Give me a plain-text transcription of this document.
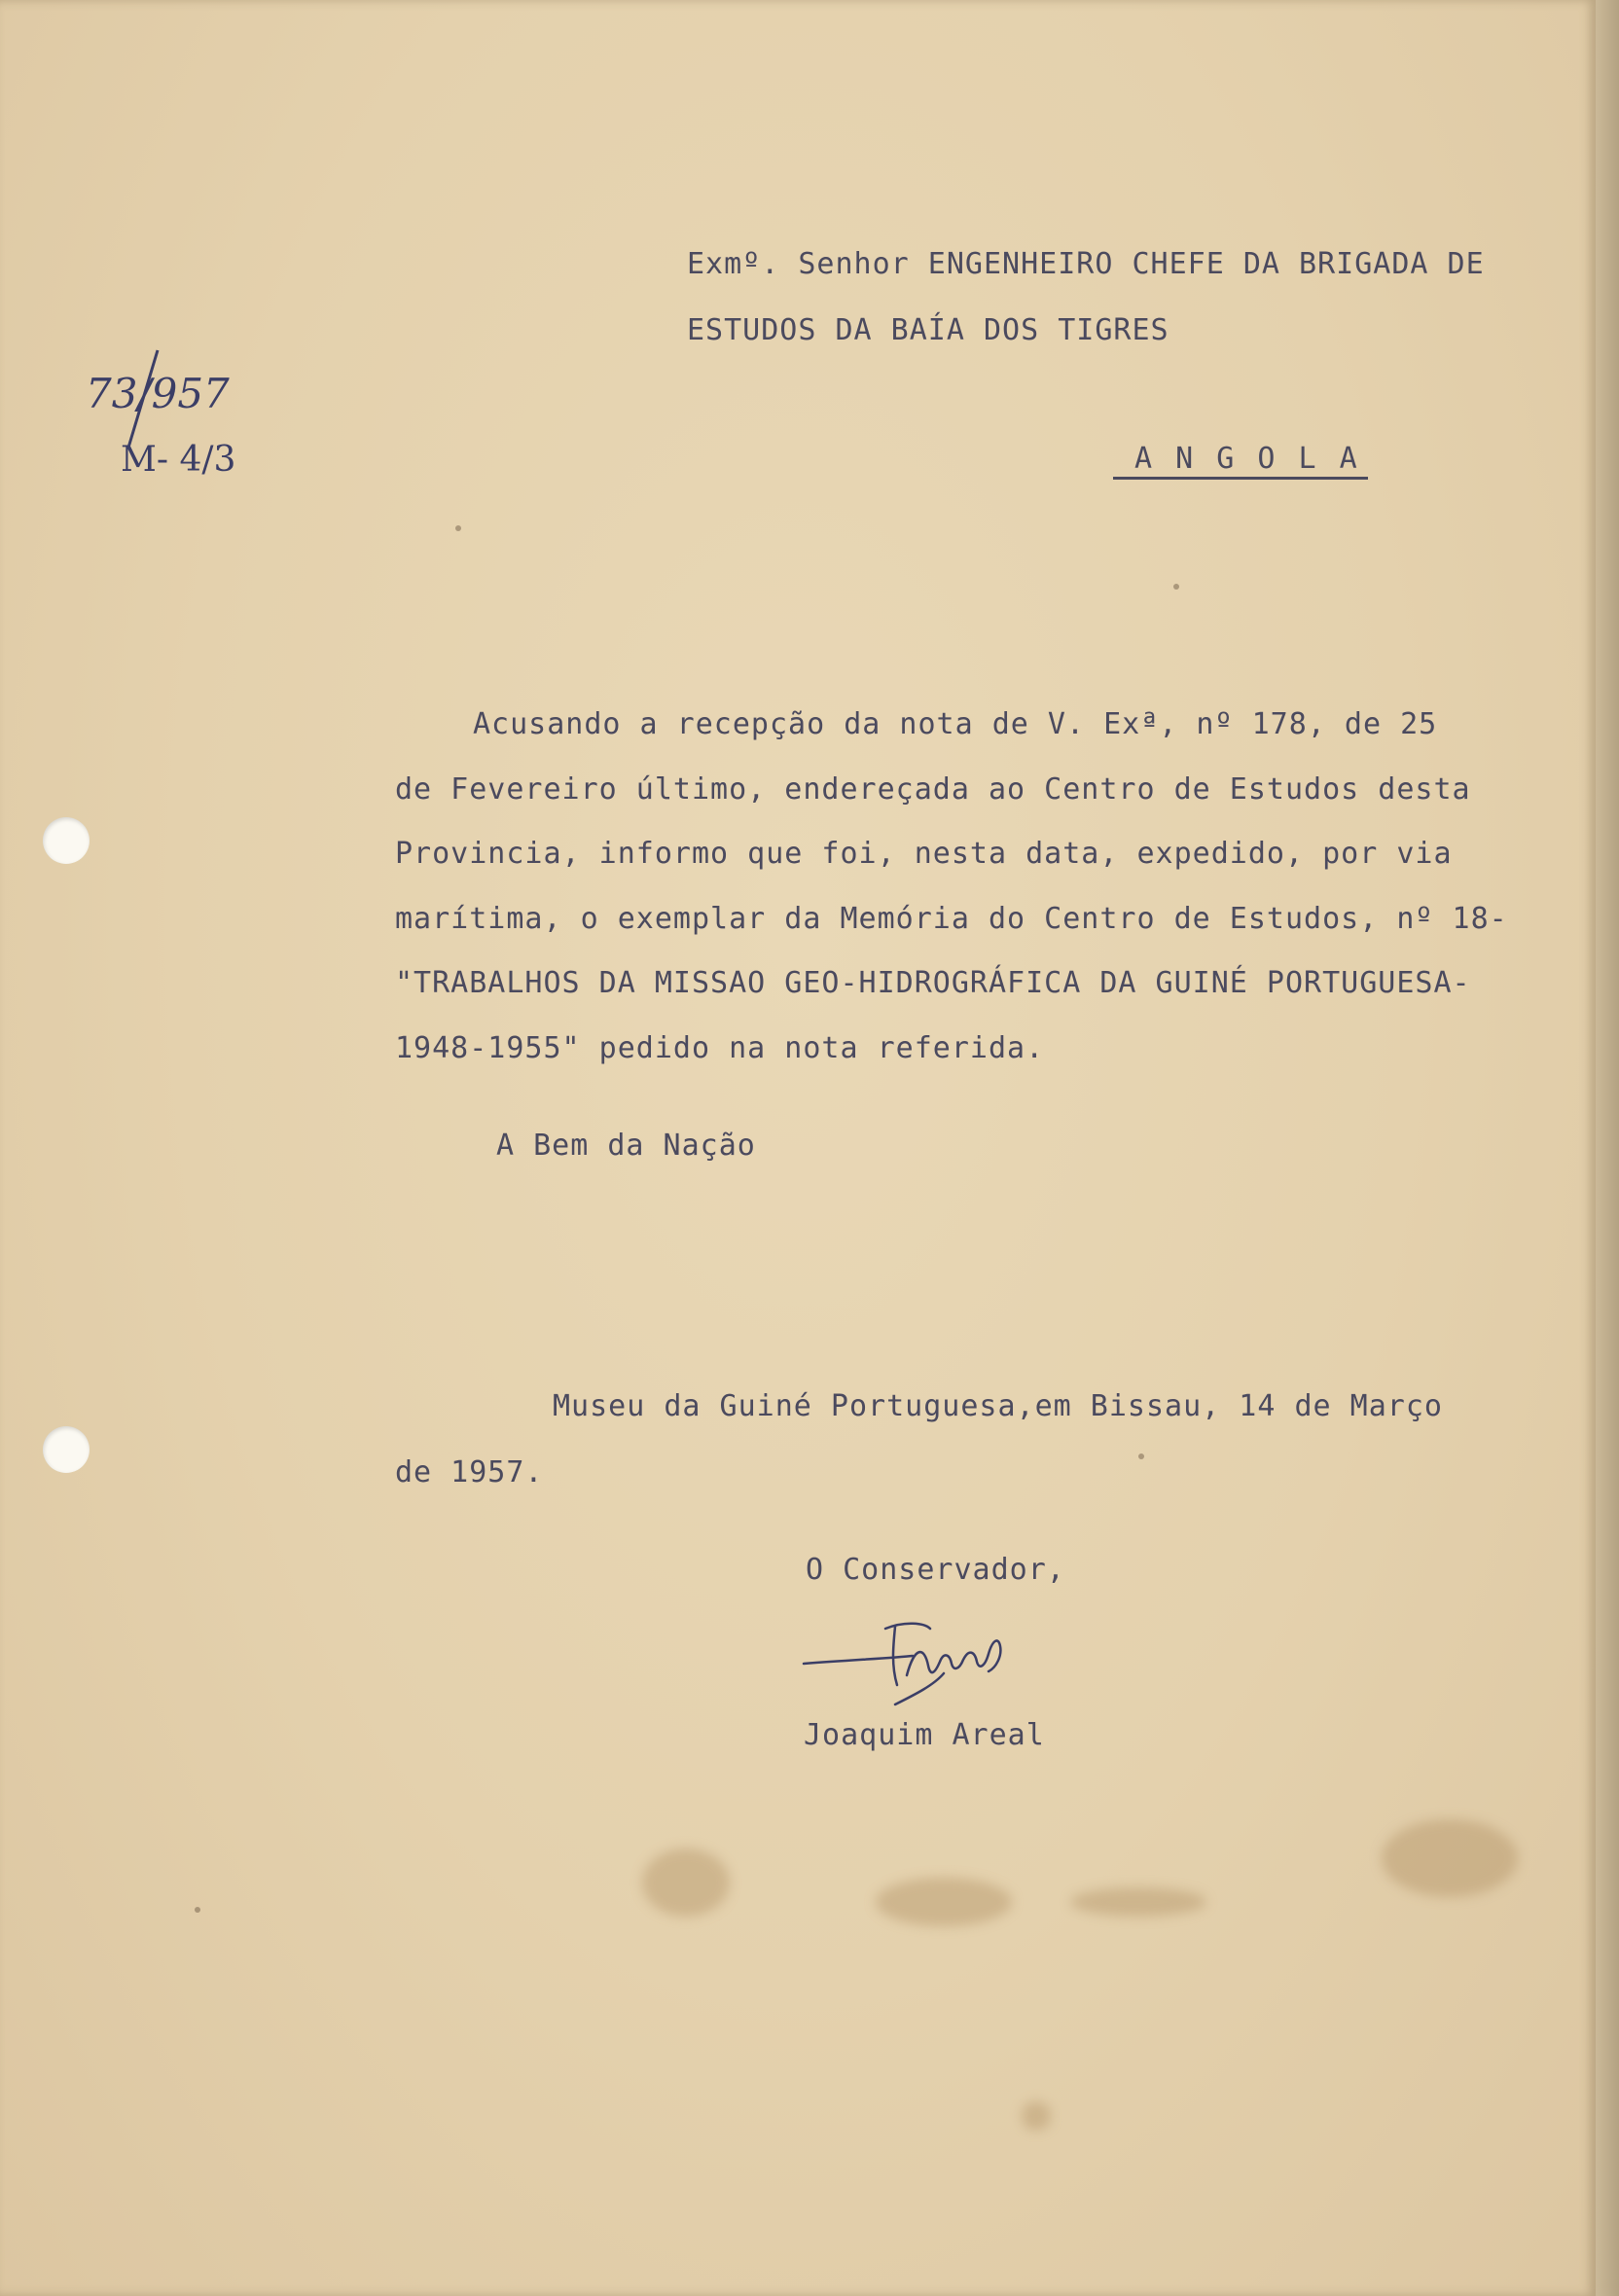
Exmº. Senhor ENGENHEIRO CHEFE DA BRIGADA DE
ESTUDOS DA BAÍA DOS TIGRES
A N G O L A
73/957
M- 4/3
Acusando a recepção da nota de V. Exª, nº 178, de 25
de Fevereiro último, endereçada ao Centro de Estudos desta
Provincia, informo que foi, nesta data, expedido, por via
marítima, o exemplar da Memória do Centro de Estudos, nº 18-
"TRABALHOS DA MISSAO GEO-HIDROGRÁFICA DA GUINÉ PORTUGUESA-
1948-1955" pedido na nota referida.
A Bem da Nação
Museu da Guiné Portuguesa,em Bissau, 14 de Março
de 1957.
O Conservador,
Joaquim Areal
